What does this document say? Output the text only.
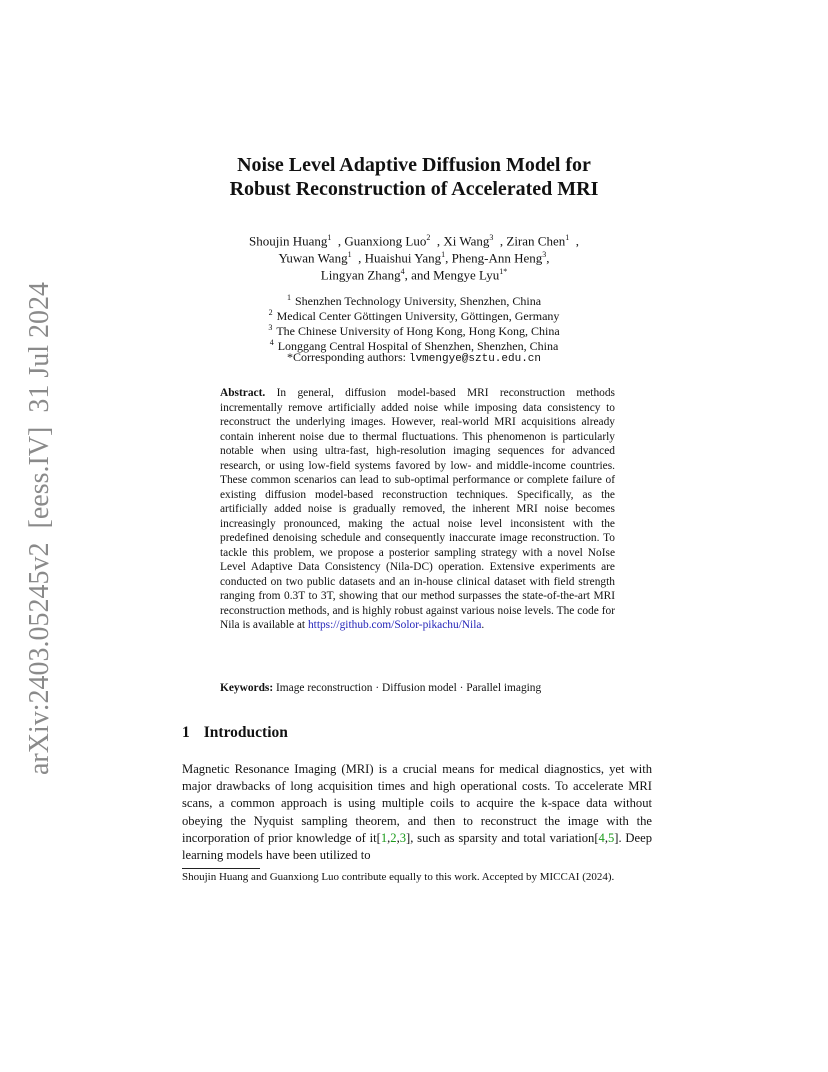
arXiv:2403.05245v2[eess.IV]31 Jul 2024
Noise Level Adaptive Diffusion Model for
Robust Reconstruction of Accelerated MRI
Shoujin Huang$^1$  , Guanxiong Luo$^2$  , Xi Wang$^3$  , Ziran Chen$^1$  ,
Yuwan Wang$^1$  , Huaishui Yang$^1$, Pheng-Ann Heng$^3$,
Lingyan Zhang$^4$, and Mengye Lyu$^{1*}$
$^1$ Shenzhen Technology University, Shenzhen, China
$^2$ Medical Center Göttingen University, Göttingen, Germany
$^3$ The Chinese University of Hong Kong, Hong Kong, China
$^4$ Longgang Central Hospital of Shenzhen, Shenzhen, China
*Corresponding authors: lvmengye@sztu.edu.cn
Abstract. In general, diffusion model-based MRI reconstruction methods incrementally remove artificially added noise while imposing data consistency to reconstruct the underlying images. However, real-world MRI acquisitions already contain inherent noise due to thermal fluctuations. This phenomenon is particularly notable when using ultra-fast, high-resolution imaging sequences for advanced research, or using low-field systems favored by low- and middle-income countries. These common scenarios can lead to sub-optimal performance or complete failure of existing diffusion model-based reconstruction techniques. Specifically, as the artificially added noise is gradually removed, the inherent MRI noise becomes increasingly pronounced, making the actual noise level inconsistent with the predefined denoising schedule and consequently inaccurate image reconstruction. To tackle this problem, we propose a posterior sampling strategy with a novel NoIse Level Adaptive Data Consistency (Nila-DC) operation. Extensive experiments are conducted on two public datasets and an in-house clinical dataset with field strength ranging from 0.3T to 3T, showing that our method surpasses the state-of-the-art MRI reconstruction methods, and is highly robust against various noise levels. The code for Nila is available at https://github.com/Solor-pikachu/Nila.
Keywords: Image reconstruction · Diffusion model · Parallel imaging
1 Introduction
Magnetic Resonance Imaging (MRI) is a crucial means for medical diagnostics, yet with major drawbacks of long acquisition times and high operational costs. To accelerate MRI scans, a common approach is using multiple coils to acquire the k-space data without obeying the Nyquist sampling theorem, and then to reconstruct the image with the incorporation of prior knowledge of it[1,2,3], such as sparsity and total variation[4,5]. Deep learning models have been utilized to
Shoujin Huang and Guanxiong Luo contribute equally to this work. Accepted by MICCAI (2024).
